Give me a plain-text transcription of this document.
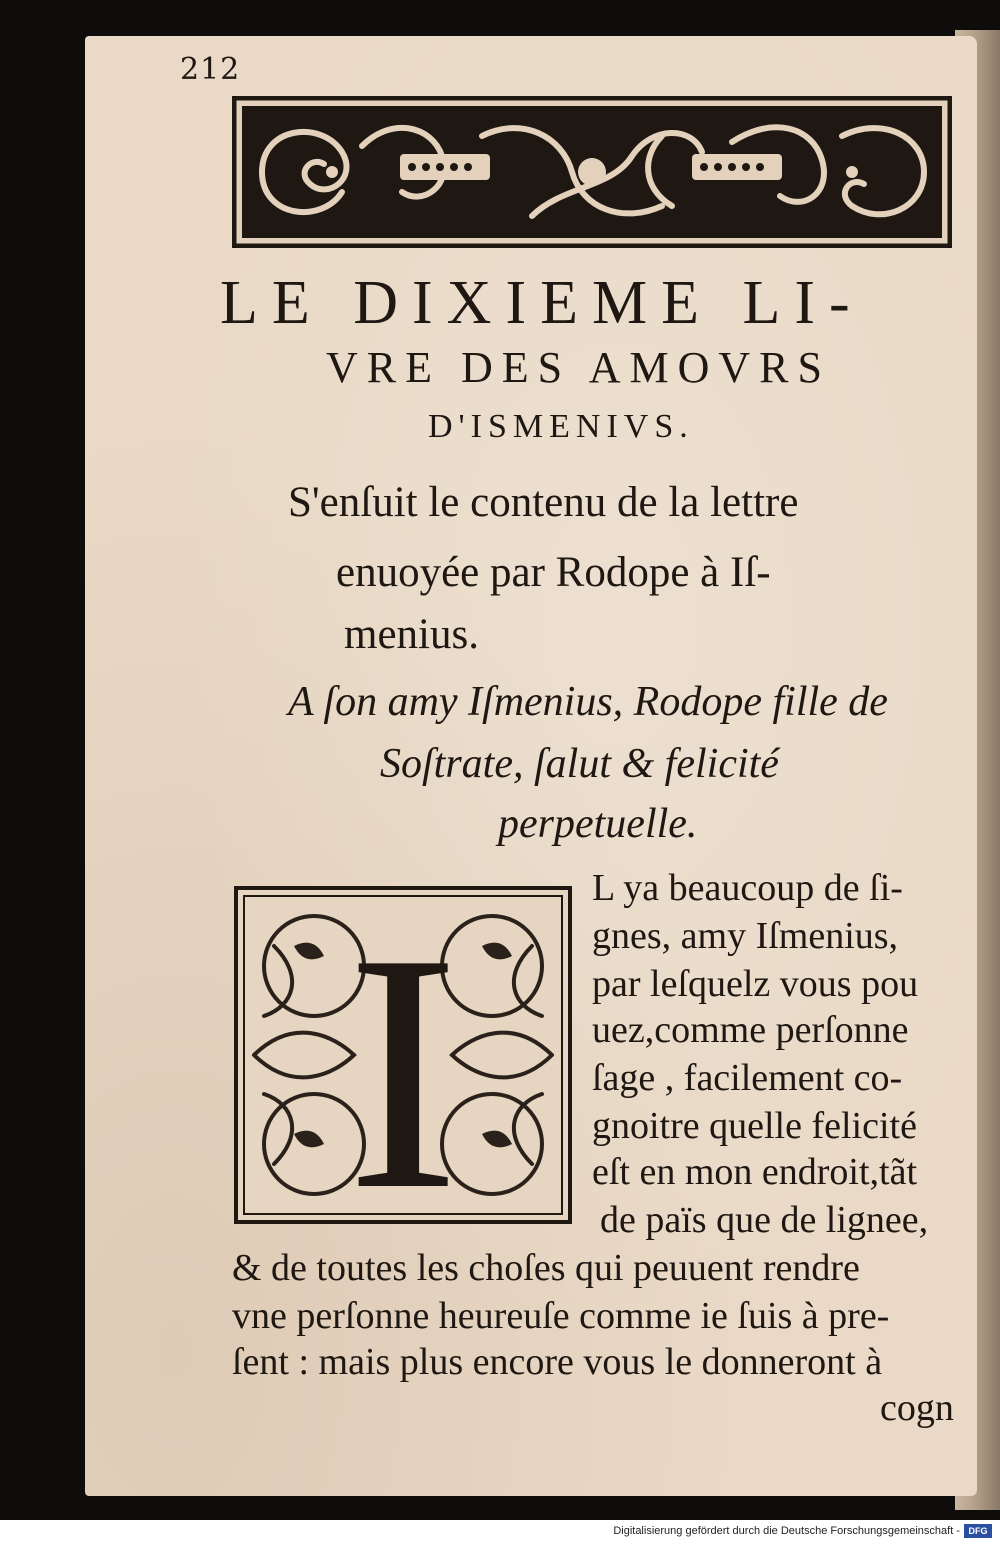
212
LE DIXIEME LI-
VRE DES AMOVRS
D'ISMENIVS.
S'enſuit le contenu de la lettre
enuoyée par Rodope à Iſ-
menius.
A ſon amy Iſmenius, Rodope fille de
Soſtrate, ſalut & felicité
perpetuelle.
I	L ya beaucoup de ſi-
gnes, amy Iſmenius,
par leſquelz vous pou
uez,comme perſonne
ſage , facilement co-
gnoitre quelle felicité
eſt en mon endroit,tãt
de païs que de lignee,
& de toutes les choſes qui peuuent rendre
vne perſonne heureuſe comme ie ſuis à pre-
ſent : mais plus encore vous le donneront à
cogn
Digitalisierung gefördert durch die Deutsche Forschungsgemeinschaft - DFG
